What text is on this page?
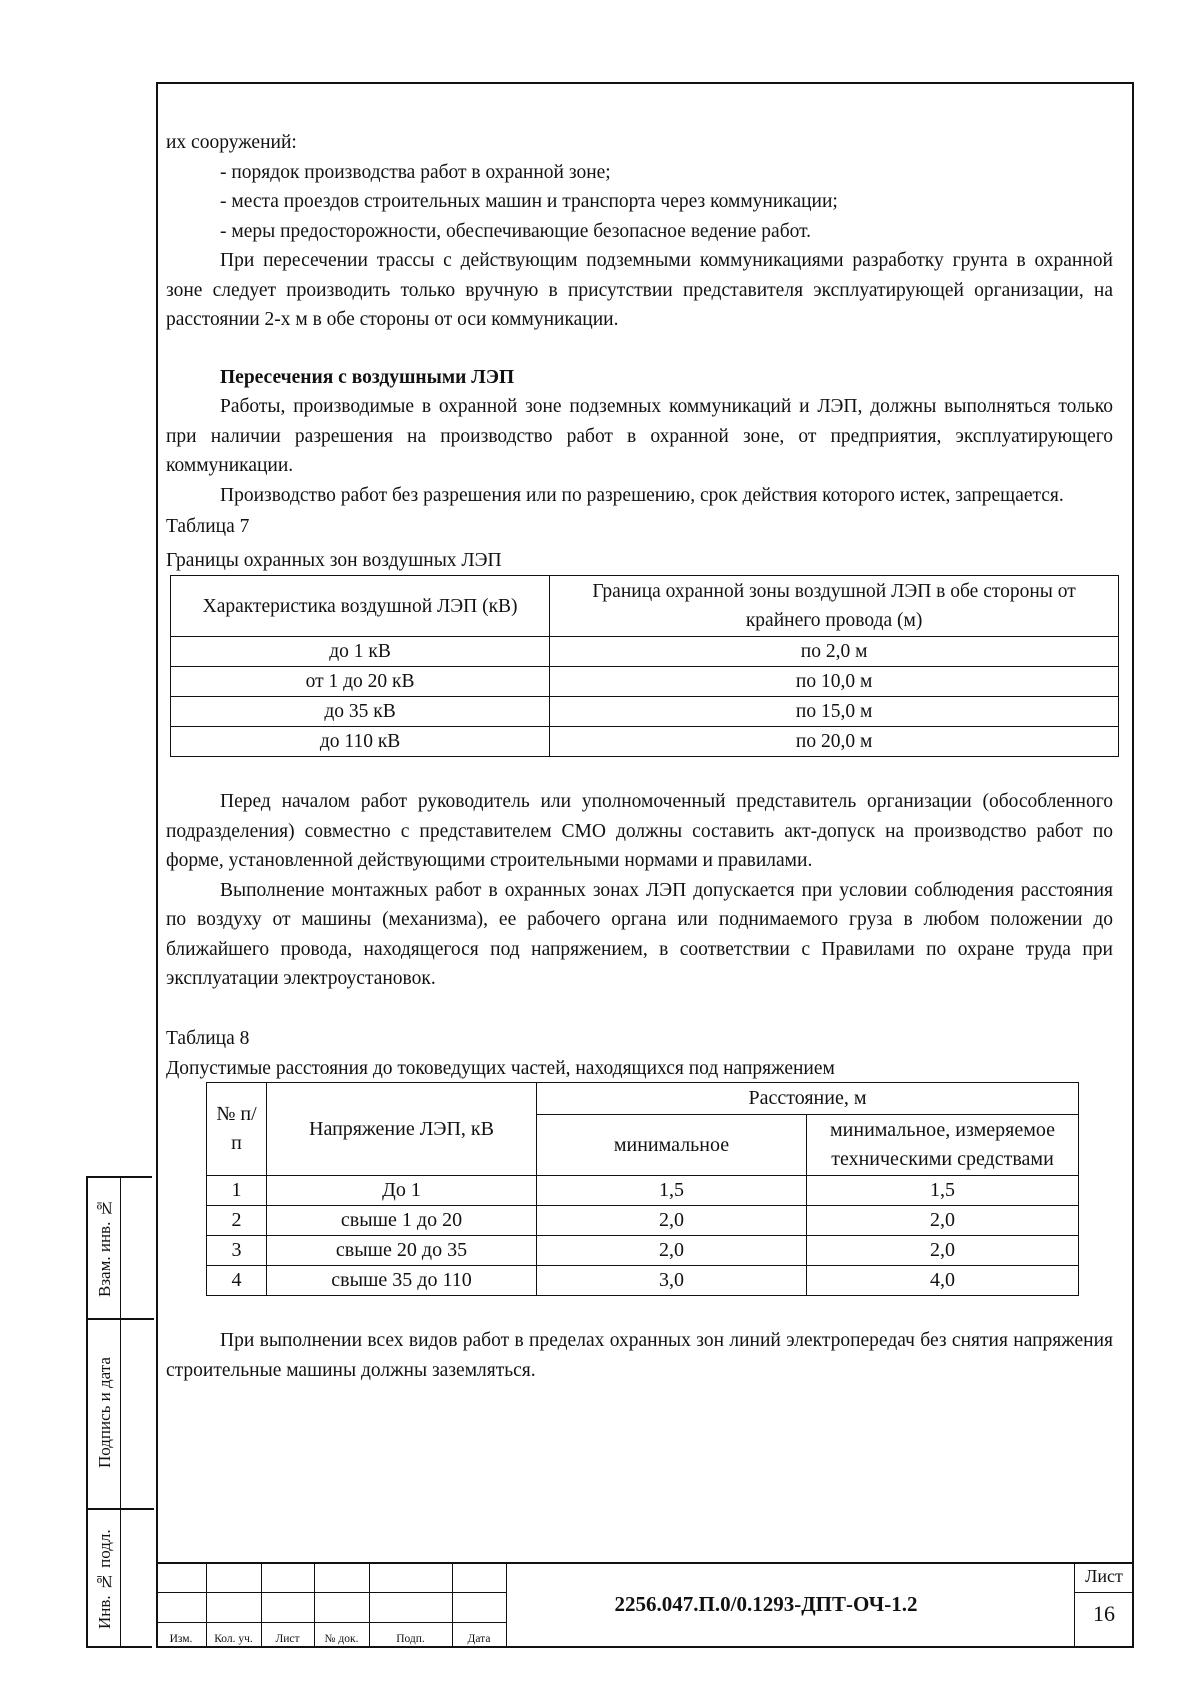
их сооружений:

- порядок производства работ в охранной зоне;

- места проездов строительных машин и транспорта через коммуникации;

- меры предосторожности, обеспечивающие безопасное ведение работ.

При пересечении трассы с действующим подземными коммуникациями разработку грунта в охранной зоне следует производить только вручную в присутствии представителя эксплуатирующей организации, на расстоянии 2-х м в обе стороны от оси коммуникации.

Пересечения с воздушными ЛЭП

Работы, производимые в охранной зоне подземных коммуникаций и ЛЭП, должны выполняться только при наличии разрешения на производство работ в охранной зоне, от предприятия, эксплуатирующего коммуникации.

Производство работ без разрешения или по разрешению, срок действия которого истек, запрещается.

Таблица 7

Границы охранных зон воздушных ЛЭП

Характеристика воздушной ЛЭП (кВ)	Граница охранной зоны воздушной ЛЭП в обе стороны от крайнего провода (м)
до 1 кВ	по 2,0 м
от 1 до 20 кВ	по 10,0 м
до 35 кВ	по 15,0 м
до 110 кВ	по 20,0 м

Перед началом работ руководитель или уполномоченный представитель организации (обособленного подразделения) совместно с представителем СМО должны составить акт-допуск на производство работ по форме, установленной действующими строительными нормами и правилами.

Выполнение монтажных работ в охранных зонах ЛЭП допускается при условии соблюдения расстояния по воздуху от машины (механизма), ее рабочего органа или поднимаемого груза в любом положении до ближайшего провода, находящегося под напряжением, в соответствии с Правилами по охране труда при эксплуатации электроустановок.

Таблица 8

Допустимые расстояния до токоведущих частей, находящихся под напряжением

№ п/п	Напряжение ЛЭП, кВ	Расстояние, м	
		минимальное	минимальное, измеряемое техническими средствами
1	До 1	1,5	1,5
2	свыше 1 до 20	2,0	2,0
3	свыше 20 до 35	2,0	2,0
4	свыше 35 до 110	3,0	4,0

При выполнении всех видов работ в пределах охранных зон линий электропередач без снятия напряжения строительные машины должны заземляться.

Взам. инв. №
Подпись и дата
Инв. № подл.
Изм.	Кол. уч.	Лист	№ док.	Подп.	Дата
2256.047.П.0/0.1293-ДПТ-ОЧ-1.2
Лист
16
